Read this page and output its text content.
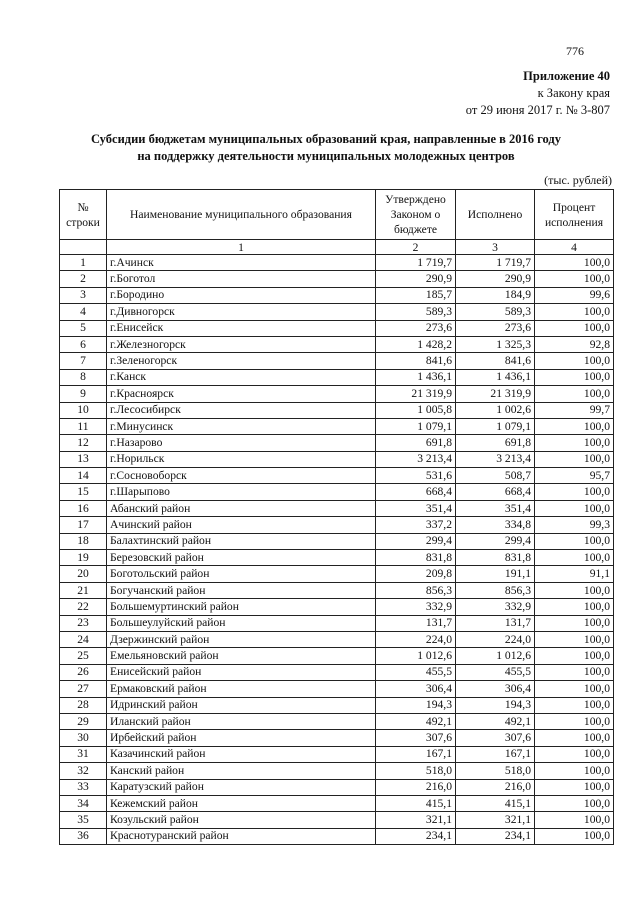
776
Приложение 40
к Закону края
от 29 июня 2017 г. № 3-807
Субсидии бюджетам муниципальных образований края, направленные в 2016 году
на поддержку деятельности муниципальных молодежных центров
(тыс. рублей)
№ строки	Наименование муниципального образования	Утверждено Законом о бюджете	Исполнено	Процент исполнения
	1	2	3	4
1	г.Ачинск	1 719,7	1 719,7	100,0
2	г.Боготол	290,9	290,9	100,0
3	г.Бородино	185,7	184,9	99,6
4	г.Дивногорск	589,3	589,3	100,0
5	г.Енисейск	273,6	273,6	100,0
6	г.Железногорск	1 428,2	1 325,3	92,8
7	г.Зеленогорск	841,6	841,6	100,0
8	г.Канск	1 436,1	1 436,1	100,0
9	г.Красноярск	21 319,9	21 319,9	100,0
10	г.Лесосибирск	1 005,8	1 002,6	99,7
11	г.Минусинск	1 079,1	1 079,1	100,0
12	г.Назарово	691,8	691,8	100,0
13	г.Норильск	3 213,4	3 213,4	100,0
14	г.Сосновоборск	531,6	508,7	95,7
15	г.Шарыпово	668,4	668,4	100,0
16	Абанский район	351,4	351,4	100,0
17	Ачинский район	337,2	334,8	99,3
18	Балахтинский район	299,4	299,4	100,0
19	Березовский район	831,8	831,8	100,0
20	Боготольский район	209,8	191,1	91,1
21	Богучанский район	856,3	856,3	100,0
22	Большемуртинский район	332,9	332,9	100,0
23	Большеулуйский район	131,7	131,7	100,0
24	Дзержинский район	224,0	224,0	100,0
25	Емельяновский район	1 012,6	1 012,6	100,0
26	Енисейский район	455,5	455,5	100,0
27	Ермаковский район	306,4	306,4	100,0
28	Идринский район	194,3	194,3	100,0
29	Иланский район	492,1	492,1	100,0
30	Ирбейский район	307,6	307,6	100,0
31	Казачинский район	167,1	167,1	100,0
32	Канский район	518,0	518,0	100,0
33	Каратузский район	216,0	216,0	100,0
34	Кежемский район	415,1	415,1	100,0
35	Козульский район	321,1	321,1	100,0
36	Краснотуранский район	234,1	234,1	100,0
